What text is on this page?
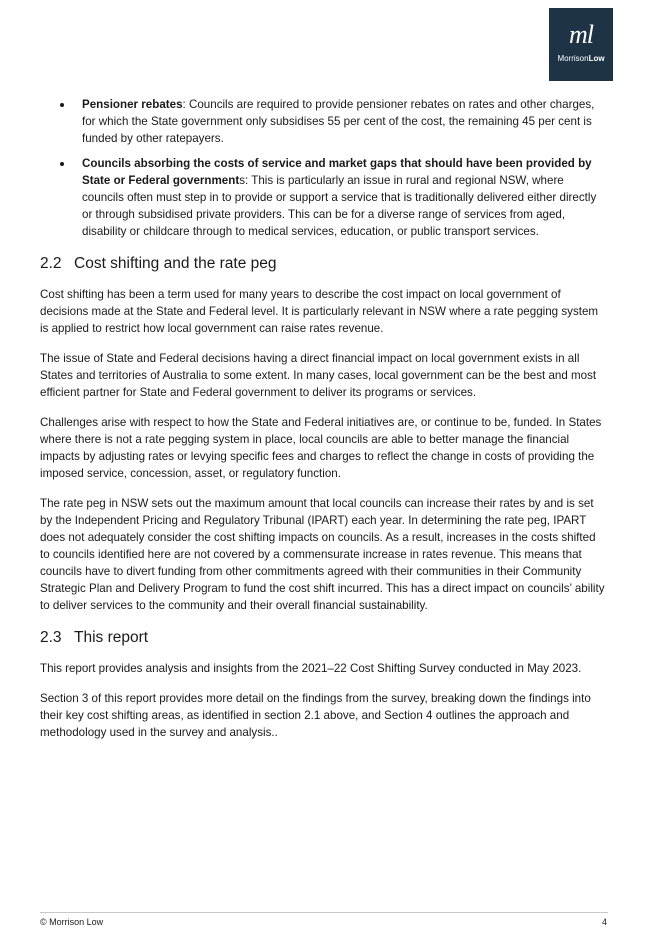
ml
MorrisonLow
Pensioner rebates: Councils are required to provide pensioner rebates on rates and other charges, for which the State government only subsidises 55 per cent of the cost, the remaining 45 per cent is funded by other ratepayers.
Councils absorbing the costs of service and market gaps that should have been provided by State or Federal governments: This is particularly an issue in rural and regional NSW, where councils often must step in to provide or support a service that is traditionally delivered either directly or through subsidised private providers. This can be for a diverse range of services from aged, disability or childcare through to medical services, education, or public transport services.
2.2 Cost shifting and the rate peg

Cost shifting has been a term used for many years to describe the cost impact on local government of decisions made at the State and Federal level. It is particularly relevant in NSW where a rate pegging system is applied to restrict how local government can raise rates revenue.

The issue of State and Federal decisions having a direct financial impact on local government exists in all States and territories of Australia to some extent. In many cases, local government can be the best and most efficient partner for State and Federal government to deliver its programs or services.

Challenges arise with respect to how the State and Federal initiatives are, or continue to be, funded. In States where there is not a rate pegging system in place, local councils are able to better manage the financial impacts by adjusting rates or levying specific fees and charges to reflect the change in costs of providing the imposed service, concession, asset, or regulatory function.

The rate peg in NSW sets out the maximum amount that local councils can increase their rates by and is set by the Independent Pricing and Regulatory Tribunal (IPART) each year. In determining the rate peg, IPART does not adequately consider the cost shifting impacts on councils. As a result, increases in the costs shifted to councils identified here are not covered by a commensurate increase in rates revenue. This means that councils have to divert funding from other commitments agreed with their communities in their Community Strategic Plan and Delivery Program to fund the cost shift incurred. This has a direct impact on councils’ ability to deliver services to the community and their overall financial sustainability.

2.3 This report

This report provides analysis and insights from the 2021–22 Cost Shifting Survey conducted in May 2023.

Section 3 of this report provides more detail on the findings from the survey, breaking down the findings into their key cost shifting areas, as identified in section 2.1 above, and Section 4 outlines the approach and methodology used in the survey and analysis..

© Morrison Low	4
